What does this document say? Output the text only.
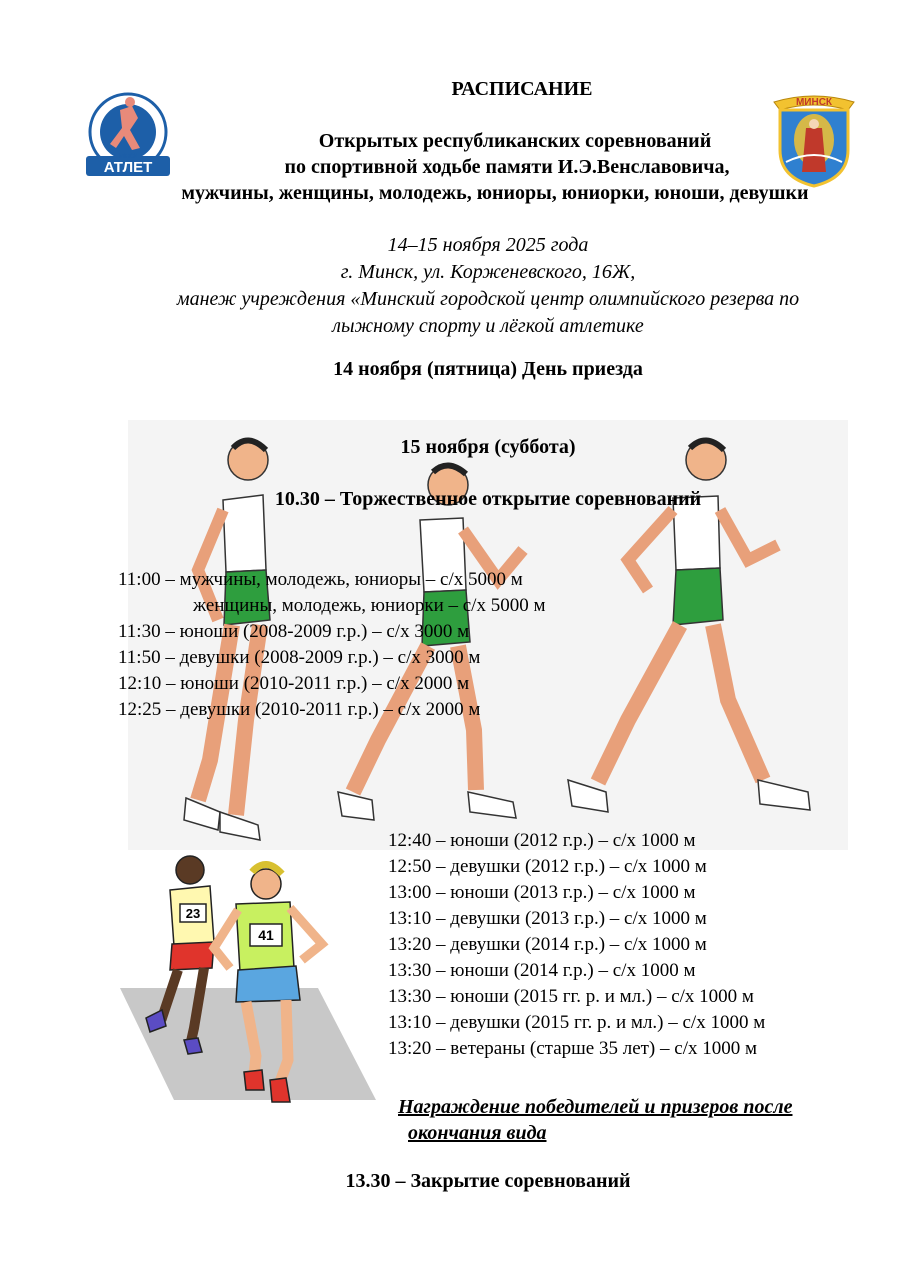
АТЛЕТ
МІНСК
МИНСК
РАСПИСАНИЕ
Открытых республиканских соревнований
по спортивной ходьбе памяти И.Э.Венславовича,
мужчины, женщины, молодежь, юниоры, юниорки, юноши, девушки
14–15 ноября 2025 года
г. Минск, ул. Корженевского, 16Ж,
манеж учреждения «Минский городской центр олимпийского резерва по
лыжному спорту и лёгкой атлетике
14 ноября (пятница) День приезда
15 ноября (суббота)
10.30 – Торжественное открытие соревнований
11:00 – мужчины, молодежь, юниоры – с/х 5000 м
женщины, молодежь, юниорки – с/х 5000 м
11:30 – юноши (2008-2009 г.р.) – с/х 3000 м
11:50 – девушки (2008-2009 г.р.) – с/х 3000 м
12:10 – юноши (2010-2011 г.р.) – с/х 2000 м
12:25 – девушки (2010-2011 г.р.) – с/х 2000 м
23
41
12:40 – юноши (2012 г.р.) – с/х 1000 м
12:50 – девушки (2012 г.р.) – с/х 1000 м
13:00 – юноши (2013 г.р.) – с/х 1000 м
13:10 – девушки (2013 г.р.) – с/х 1000 м
13:20 – девушки (2014 г.р.) – с/х 1000 м
13:30 – юноши (2014 г.р.) – с/х 1000 м
13:30 – юноши (2015 гг. р. и мл.) – с/х 1000 м
13:10 – девушки (2015 гг. р. и мл.) – с/х 1000 м
13:20 – ветераны (старше 35 лет) – с/х 1000 м
Награждение победителей и призеров после
окончания вида
13.30 – Закрытие соревнований
